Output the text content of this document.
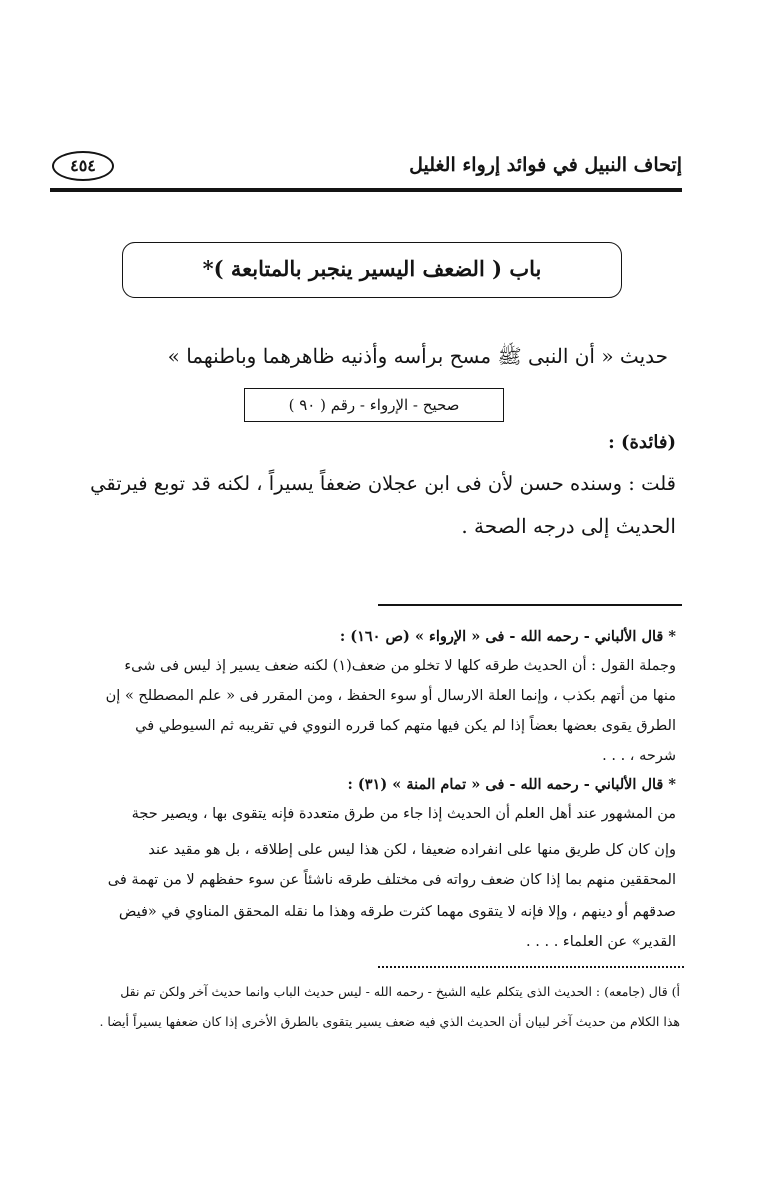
إتحاف النبيل في فوائد إرواء الغليل
٤٥٤
باب ( الضعف اليسير ينجبر بالمتابعة )*
حديث « أن النبى ﷺ مسح برأسه وأذنيه ظاهرهما وباطنهما »
صحيح - الإرواء - رقم ( ٩٠ )
(فائدة) :
قلت : وسنده حسن لأن فى ابن عجلان ضعفاً يسيراً ، لكنه قد توبع فيرتقي
الحديث إلى درجه الصحة .
* قال الألباني - رحمه الله - فى « الإرواء » (ص ١٦٠) :
وجملة القول : أن الحديث طرقه كلها لا تخلو من ضعف(١) لكنه ضعف يسير إذ ليس فى شىء
منها من أتهم بكذب ، وإنما العلة الارسال أو سوء الحفظ ، ومن المقرر فى « علم المصطلح » إن
الطرق يقوى بعضها بعضاً إذا لم يكن فيها متهم كما قرره النووي في تقريبه ثم السيوطي في
شرحه ، . . .
* قال الألباني - رحمه الله - فى « تمام المنة » (٣١) :
من المشهور عند أهل العلم أن الحديث إذا جاء من طرق متعددة فإنه يتقوى بها ، ويصير حجة
وإن كان كل طريق منها على انفراده ضعيفا ، لكن هذا ليس على إطلاقه ، بل هو مقيد عند
المحققين منهم بما إذا كان ضعف رواته فى مختلف طرقه ناشئاً عن سوء حفظهم لا من تهمة فى
صدقهم أو دينهم ، وإلا فإنه لا يتقوى مهما كثرت طرقه وهذا ما نقله المحقق المناوي في «فيض
القدير» عن العلماء . . . .
أ) قال (جامعه) : الحديث الذى يتكلم عليه الشيخ - رحمه الله - ليس حديث الباب وانما حديث آخر ولكن تم نقل
هذا الكلام من حديث آخر لبيان أن الحديث الذي فيه ضعف يسير يتقوى بالطرق الأخرى إذا كان ضعفها يسيراً أيضا .
